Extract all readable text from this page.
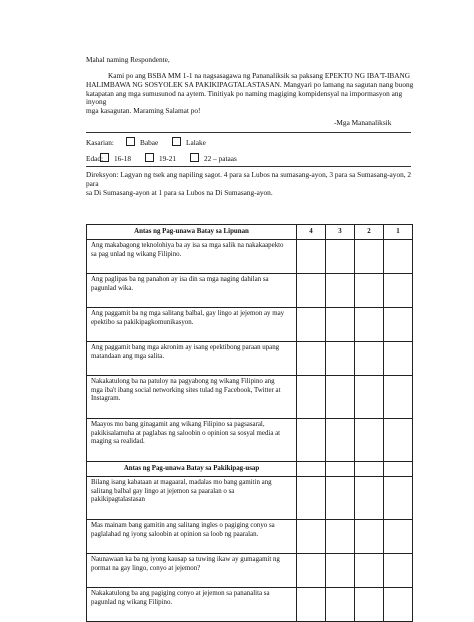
Mahal naming Respondente,
Kami po ang BSBA MM 1-1 na nagsasagawa ng Pananaliksik sa paksang EPEKTO NG IBA'T-IBANG
HALIMBAWA NG SOSYOLEK SA PAKIKIPAGTALASTASAN. Mangyari po lamang na sagutan nang buong
katapatan ang mga sumusunod na aytem. Tinitiyak po naming magiging kompidensyal na impormasyon ang inyong
mga kasagutan. Maraming Salamat po!
-Mga Mananaliksik
Kasarian:	Babae	Lalake
Edad: 16-18	19-21	22 – pataas
Direksyon: Lagyan ng tsek ang napiling sagot. 4 para sa Lubos na sumasang-ayon, 3 para sa Sumasang-ayon, 2 para
sa Di Sumasang-ayon at 1 para sa Lubos na Di Sumasang-ayon.
Antas ng Pag-unawa Batay sa Lipunan	4	3	2	1

Ang makabagong teknolohiya ba ay isa sa mga salik na nakakaapekto
sa pag unlad ng wikang Filipino.				

Ang paglipas ba ng panahon ay isa din sa mga naging dahilan sa
pagunlad wika.				

Ang paggamit ba ng mga salitang balbal, gay lingo at jejemon ay may
epektibo sa pakikipagkomunikasyon.				

Ang paggamit bang mga akronim ay isang epektibong paraan upang
matandaan ang mga salita.				

Nakakatulong ba na patuloy na pagyabong ng wikang Filipino ang
mga iba't ibang social networking sites tulad ng Facebook, Twitter at
Instagram.				

Maayos mo bang ginagamit ang wikang Filipino sa pagsasaral,
pakikisalamuha at paglabas ng saloobin o opinion sa sosyal media at
maging sa realidad.				

Antas ng Pag-unawa Batay sa Pakikipag-usap				

Bilang isang kabataan at magaaral, madalas mo bang gamitin ang
salitang balbal gay lingo at jejemon sa paaralan o sa
pakikipagtalastasan				

Mas mainam bang gamitin ang salitang ingles o pagiging conyo sa
paglalahad ng iyong saloobin at opinion sa loob ng paaralan.				

Naunawaan ka ba ng iyong kausap sa tuwing ikaw ay gumagamit ng
pormat na gay lingo, conyo at jejemon?				

Nakakatulong ba ang pagiging conyo at jejemon sa pananalita sa
pagunlad ng wikang Filipino.				
